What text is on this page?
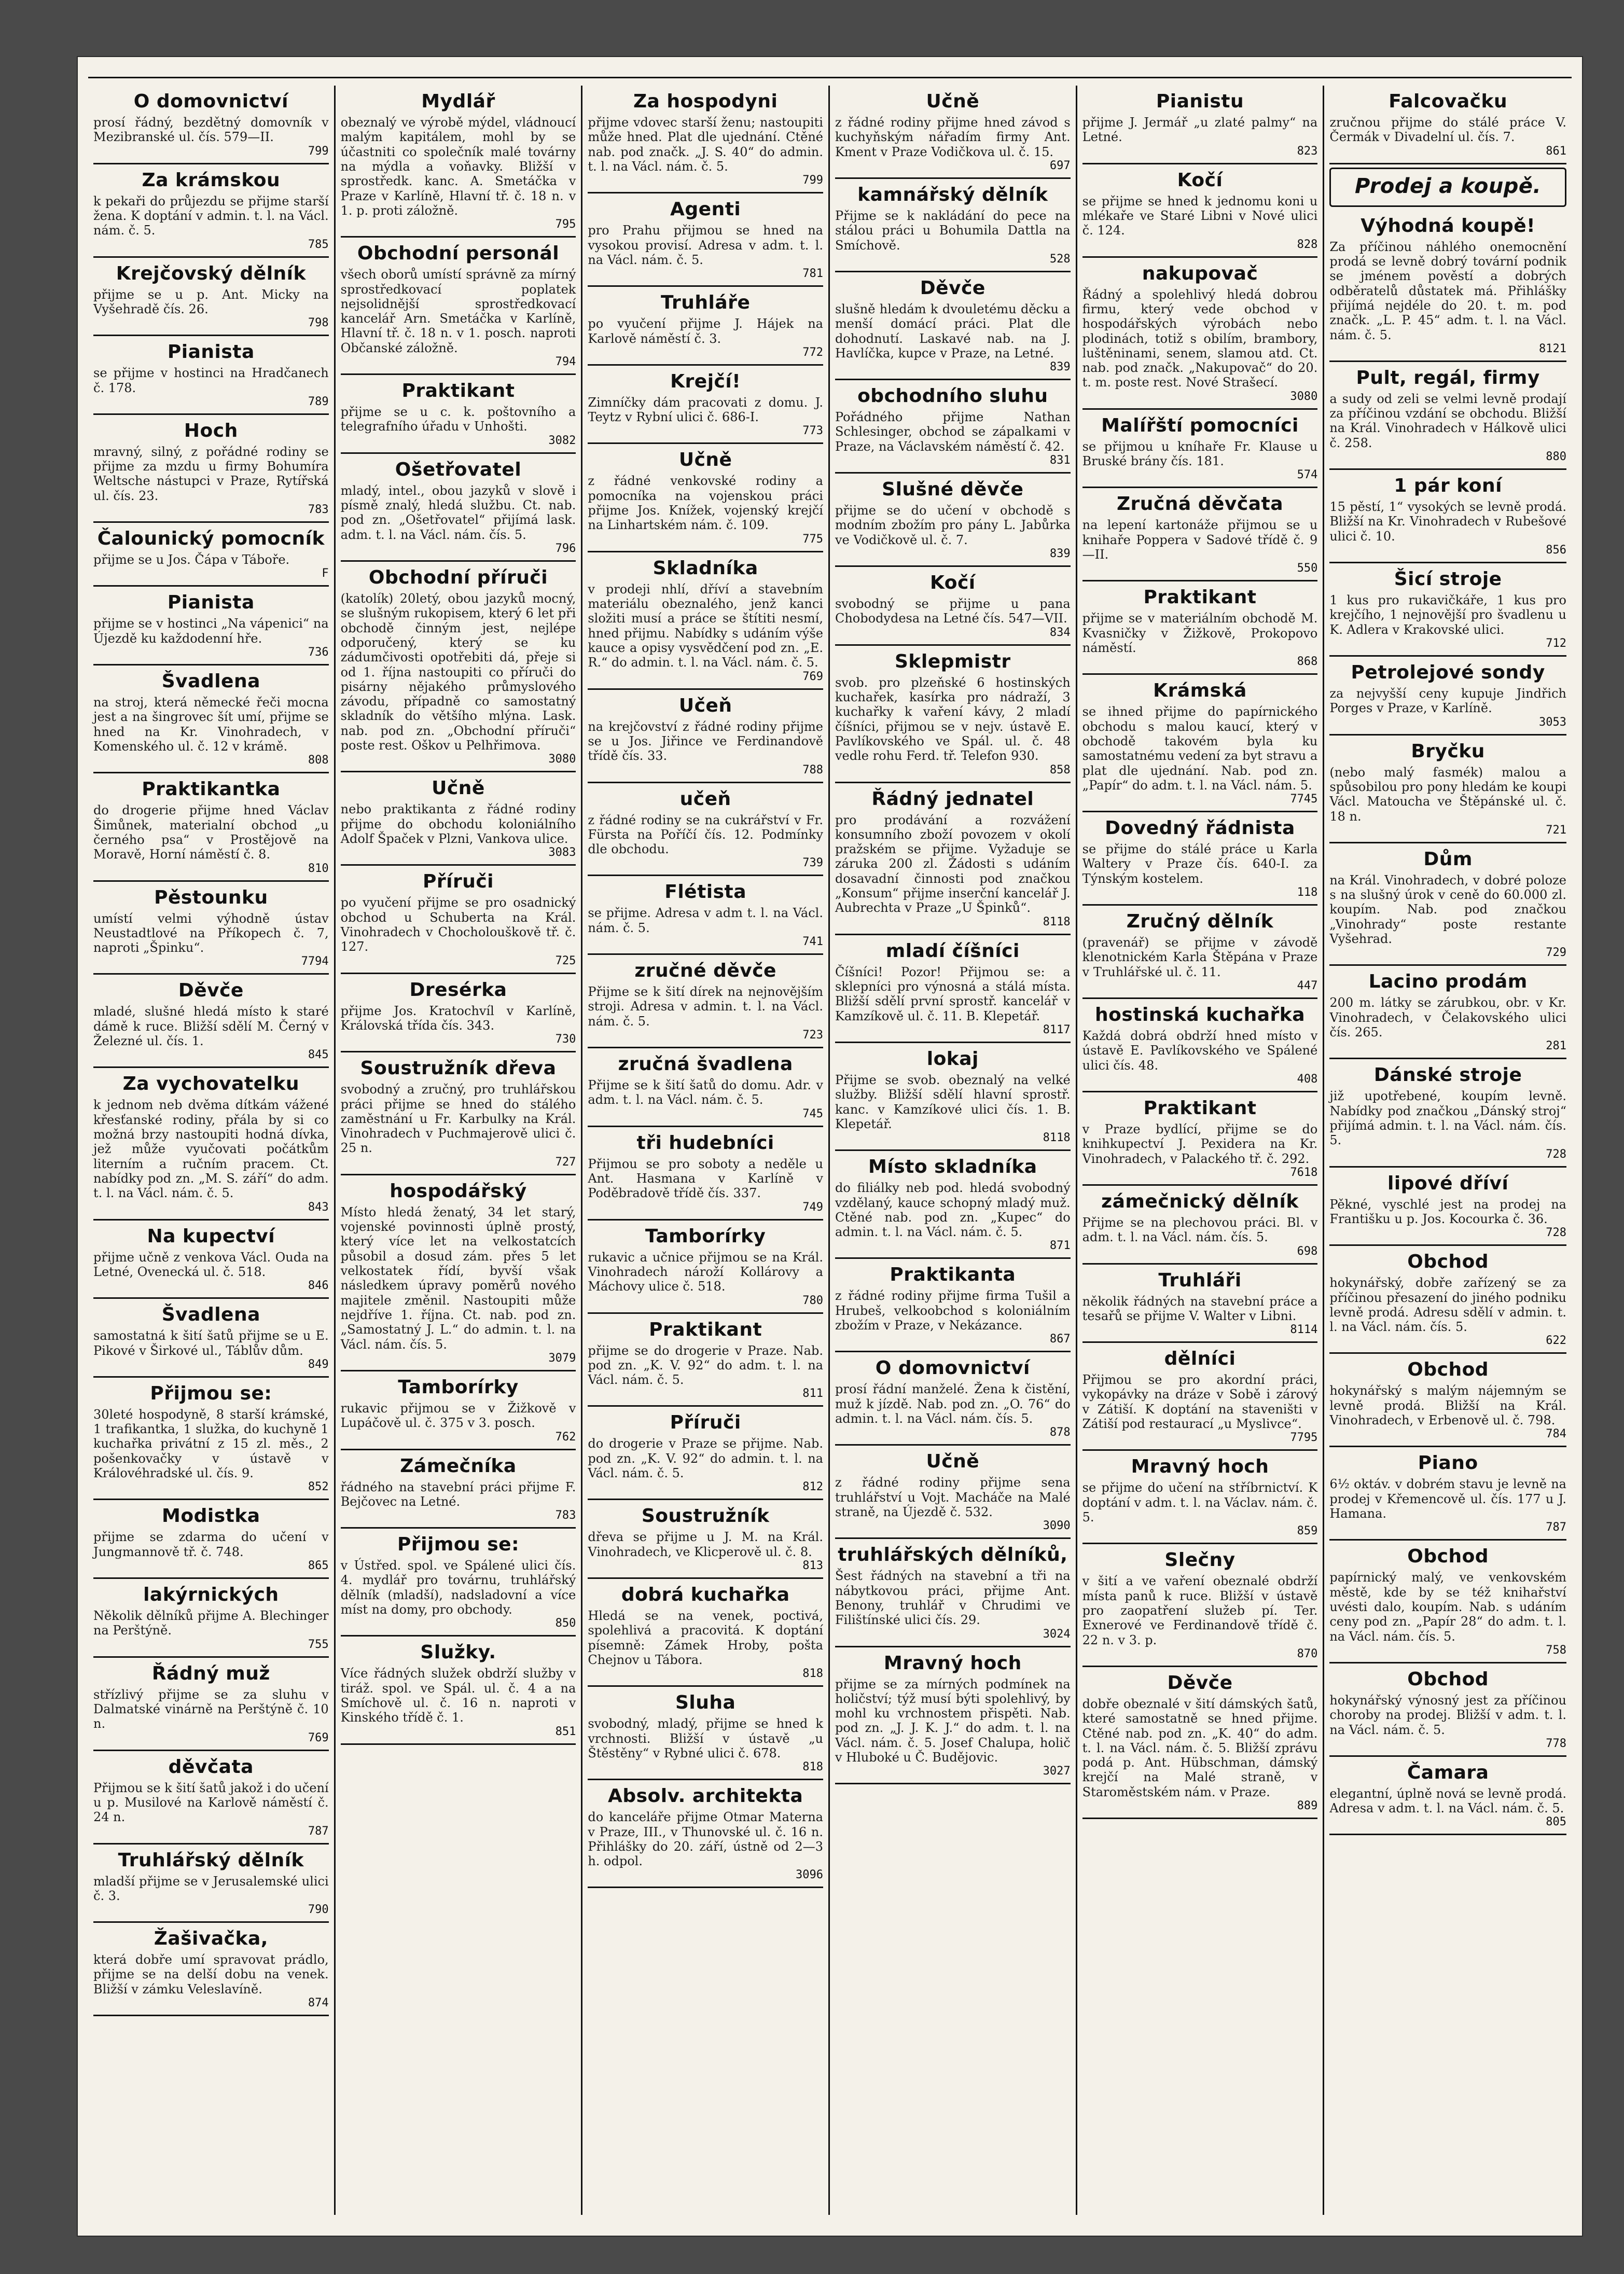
O domovnictví
prosí řádný, bezdětný domovník v Mezibranské ul. čís. 579—II.
799
Za krámskou
k pekaři do průjezdu se přijme starší žena. K doptání v admin. t. l. na Václ. nám. č. 5.
785
Krejčovský dělník
přijme se u p. Ant. Micky na Vyšehradě čís. 26.
798
Pianista
se přijme v hostinci na Hradčanech č. 178.
789
Hoch
mravný, silný, z pořádné rodiny se přijme za mzdu u firmy Bohumíra Weltsche nástupci v Praze, Rytířská ul. čís. 23.
783
Čalounický pomocník
přijme se u Jos. Čápa v Táboře.
F
Pianista
přijme se v hostinci „Na vápenici“ na Újezdě ku každodenní hře.
736
Švadlena
na stroj, která německé řeči mocna jest a na šingrovec šít umí, přijme se hned na Kr. Vinohradech, v Komenského ul. č. 12 v krámě.
808
Praktikantka
do drogerie přijme hned Václav Šimůnek, materialní obchod „u černého psa“ v Prostějově na Moravě, Horní náměstí č. 8.
810
Pěstounku
umístí velmi výhodně ústav Neustadtlové na Příkopech č. 7, naproti „Špinku“.
7794
Děvče
mladé, slušné hledá místo k staré dámě k ruce. Bližší sdělí M. Černý v Železné ul. čís. 1.
845
Za vychovatelku
k jednom neb dvěma dítkám vážené křesťanské rodiny, přála by si co možná brzy nastoupiti hodná dívka, jež může vyučovati počátkům literním a ručním pracem. Ct. nabídky pod zn. „M. S. září“ do adm. t. l. na Václ. nám. č. 5.
843
Na kupectví
přijme učně z venkova Václ. Ouda na Letné, Ovenecká ul. č. 518.
846
Švadlena
samostatná k šití šatů přijme se u E. Pikové v Širkové ul., Táblův dům.
849
Přijmou se:
30leté hospodyně, 8 starší krámské, 1 trafikantka, 1 služka, do kuchyně 1 kuchařka privátní z 15 zl. měs., 2 pošenkovačky v ústavě v Královéhradské ul. čís. 9.
852
Modistka
přijme se zdarma do učení v Jungmannově tř. č. 748.
865
lakýrnických
Několik dělníků přijme A. Blechinger na Perštýně.
755
Řádný muž
střízlivý přijme se za sluhu v Dalmatské vinárně na Perštýně č. 10 n.
769
děvčata
Přijmou se k šití šatů jakož i do učení u p. Musilové na Karlově náměstí č. 24 n.
787
Truhlářský dělník
mladší přijme se v Jerusalemské ulici č. 3.
790
Žašivačka,
která dobře umí spravovat prádlo, přijme se na delší dobu na venek. Bližší v zámku Veleslavíně.
874
Mydlář
obeznalý ve výrobě mýdel, vládnoucí malým kapitálem, mohl by se účastniti co společník malé továrny na mýdla a voňavky. Bližší v sprostředk. kanc. A. Smetáčka v Praze v Karlíně, Hlavní tř. č. 18 n. v 1. p. proti záložně.
795
Obchodní personál
všech oborů umístí správně za mírný sprostředkovací poplatek nejsolidnější sprostředkovací kancelář Arn. Smetáčka v Karlíně, Hlavní tř. č. 18 n. v 1. posch. naproti Občanské záložně.
794
Praktikant
přijme se u c. k. poštovního a telegrafního úřadu v Unhošti.
3082
Ošetřovatel
mladý, intel., obou jazyků v slově i písmě znalý, hledá službu. Ct. nab. pod zn. „Ošetřovatel“ přijímá lask. adm. t. l. na Václ. nám. čís. 5.
796
Obchodní příruči
(katolík) 20letý, obou jazyků mocný, se slušným rukopisem, který 6 let při obchodě činným jest, nejlépe odporučený, který se ku zádumčivosti opotřebiti dá, přeje si od 1. října nastoupiti co příruči do pisárny nějakého průmyslového závodu, případně co samostatný skladník do většího mlýna. Lask. nab. pod zn. „Obchodní příruči“ poste rest. Oškov u Pelhřimova.
3080
Učně
nebo praktikanta z řádné rodiny přijme do obchodu koloniálního Adolf Špaček v Plzni, Vankova ulice.
3083
Příruči
po vyučení přijme se pro osadnický obchod u Schuberta na Král. Vinohradech v Chocholouškově tř. č. 127.
725
Dresérka
přijme Jos. Kratochvíl v Karlíně, Královská třída čís. 343.
730
Soustružník dřeva
svobodný a zručný, pro truhlářskou práci přijme se hned do stálého zaměstnání u Fr. Karbulky na Král. Vinohradech v Puchmajerově ulici č. 25 n.
727
hospodářský
Místo hledá ženatý, 34 let starý, vojenské povinnosti úplně prostý, který více let na velkostatcích působil a dosud zám. přes 5 let velkostatek řídí, byvší však následkem úpravy poměrů nového majitele změnil. Nastoupiti může nejdříve 1. října. Ct. nab. pod zn. „Samostatný J. L.“ do admin. t. l. na Václ. nám. čís. 5.
3079
Tamborírky
rukavic přijmou se v Žižkově v Lupáčově ul. č. 375 v 3. posch.
762
Zámečníka
řádného na stavební práci přijme F. Bejčovec na Letné.
783
Přijmou se:
v Ústřed. spol. ve Spálené ulici čís. 4. mydlář pro továrnu, truhlářský dělník (mladší), nadsladovní a více míst na domy, pro obchody.
850
Služky.
Více řádných služek obdrží služby v tiráž. spol. ve Spál. ul. č. 4 a na Smíchově ul. č. 16 n. naproti v Kinského třídě č. 1.
851
Za hospodyni
přijme vdovec starší ženu; nastoupiti může hned. Plat dle ujednání. Ctěné nab. pod značk. „J. S. 40“ do admin. t. l. na Václ. nám. č. 5.
799
Agenti
pro Prahu přijmou se hned na vysokou provisí. Adresa v adm. t. l. na Václ. nám. č. 5.
781
Truhláře
po vyučení přijme J. Hájek na Karlově náměstí č. 3.
772
Krejčí!
Zimníčky dám pracovati z domu. J. Teytz v Rybní ulici č. 686-I.
773
Učně
z řádné venkovské rodiny a pomocníka na vojenskou práci přijme Jos. Knížek, vojenský krejčí na Linhartském nám. č. 109.
775
Skladníka
v prodeji nhlí, dříví a stavebním materiálu obeznalého, jenž kanci složiti musí a práce se štítiti nesmí, hned přijmu. Nabídky s udáním výše kauce a opisy vysvědčení pod zn. „E. R.“ do admin. t. l. na Václ. nám. č. 5.
769
Učeň
na krejčovství z řádné rodiny přijme se u Jos. Jiřince ve Ferdinandově třídě čís. 33.
788
učeň
z řádné rodiny se na cukrářství v Fr. Fürsta na Poříčí čís. 12. Podmínky dle obchodu.
739
Flétista
se přijme. Adresa v adm t. l. na Václ. nám. č. 5.
741
zručné děvče
Přijme se k šití dírek na nejnovějším stroji. Adresa v admin. t. l. na Václ. nám. č. 5.
723
zručná švadlena
Přijme se k šití šatů do domu. Adr. v adm. t. l. na Václ. nám. č. 5.
745
tři hudebníci
Přijmou se pro soboty a neděle u Ant. Hasmana v Karlíně v Poděbradově třídě čís. 337.
749
Tamborírky
rukavic a učnice přijmou se na Král. Vinohradech nároží Kollárovy a Máchovy ulice č. 518.
780
Praktikant
přijme se do drogerie v Praze. Nab. pod zn. „K. V. 92“ do adm. t. l. na Václ. nám. č. 5.
811
Příruči
do drogerie v Praze se přijme. Nab. pod zn. „K. V. 92“ do admin. t. l. na Václ. nám. č. 5.
812
Soustružník
dřeva se přijme u J. M. na Král. Vinohradech, ve Klicperově ul. č. 8.
813
dobrá kuchařka
Hledá se na venek, poctivá, spolehlivá a pracovitá. K doptání písemně: Zámek Hroby, pošta Chejnov u Tábora.
818
Sluha
svobodný, mladý, přijme se hned k vrchnosti. Bližší v ústavě „u Štěstěny“ v Rybné ulici č. 678.
818
Absolv. architekta
do kanceláře přijme Otmar Materna v Praze, III., v Thunovské ul. č. 16 n. Přihlášky do 20. září, ústně od 2—3 h. odpol.
3096
Učně
z řádné rodiny přijme hned závod s kuchyňským nářadím firmy Ant. Kment v Praze Vodičkova ul. č. 15.
697
kamnářský dělník
Přijme se k nakládání do pece na stálou práci u Bohumila Dattla na Smíchově.
528
Děvče
slušně hledám k dvouletému děcku a menší domácí práci. Plat dle dohodnutí. Laskavé nab. na J. Havlíčka, kupce v Praze, na Letné.
839
obchodního sluhu
Pořádného přijme Nathan Schlesinger, obchod se zápalkami v Praze, na Václavském náměstí č. 42.
831
Slušné děvče
přijme se do učení v obchodě s modním zbožím pro pány L. Jabůrka ve Vodičkově ul. č. 7.
839
Kočí
svobodný se přijme u pana Chobodydesa na Letné čís. 547—VII.
834
Sklepmistr
svob. pro plzeňské 6 hostinských kuchařek, kasírka pro nádraží, 3 kuchařky k vaření kávy, 2 mladí číšníci, přijmou se v nejv. ústavě E. Pavlíkovského ve Spál. ul. č. 48 vedle rohu Ferd. tř. Telefon 930.
858
Řádný jednatel
pro prodávání a rozvážení konsumního zboží povozem v okolí pražském se přijme. Vyžaduje se záruka 200 zl. Žádosti s udáním dosavadní činnosti pod značkou „Konsum“ přijme inserční kancelář J. Aubrechta v Praze „U Špinků“.
8118
mladí číšníci
Číšníci! Pozor! Přijmou se: a sklepníci pro výnosná a stálá místa. Bližší sdělí první sprostř. kancelář v Kamzíkově ul. č. 11. B. Klepetář.
8117
lokaj
Přijme se svob. obeznalý na velké služby. Bližší sdělí hlavní sprostř. kanc. v Kamzíkové ulici čís. 1. B. Klepetář.
8118
Místo skladníka
do filiálky neb pod. hledá svobodný vzdělaný, kauce schopný mladý muž. Ctěné nab. pod zn. „Kupec“ do admin. t. l. na Václ. nám. č. 5.
871
Praktikanta
z řádné rodiny přijme firma Tušil a Hrubeš, velkoobchod s koloniálním zbožím v Praze, v Nekázance.
867
O domovnictví
prosí řádní manželé. Žena k čistění, muž k jízdě. Nab. pod zn. „O. 76“ do admin. t. l. na Václ. nám. čís. 5.
878
Učně
z řádné rodiny přijme sena truhlářství u Vojt. Macháče na Malé straně, na Újezdě č. 532.
3090
truhlářských dělníků,
Šest řádných na stavební a tři na nábytkovou práci, přijme Ant. Benony, truhlář v Chrudimi ve Filištínské ulici čís. 29.
3024
Mravný hoch
přijme se za mírných podmínek na holičství; týž musí býti spolehlivý, by mohl ku vrchnostem přispěti. Nab. pod zn. „J. J. K. J.“ do adm. t. l. na Václ. nám. č. 5. Josef Chalupa, holič v Hluboké u Č. Budějovic.
3027
Pianistu
přijme J. Jermář „u zlaté palmy“ na Letné.
823
Kočí
se přijme se hned k jednomu koni u mlékaře ve Staré Libni v Nové ulici č. 124.
828
nakupovač
Řádný a spolehlivý hledá dobrou firmu, který vede obchod v hospodářských výrobách nebo plodinách, totiž s obilím, brambory, luštěninami, senem, slamou atd. Ct. nab. pod značk. „Nakupovač“ do 20. t. m. poste rest. Nové Strašecí.
3080
Malířští pomocníci
se přijmou u kníhaře Fr. Klause u Bruské brány čís. 181.
574
Zručná děvčata
na lepení kartonáže přijmou se u knihaře Poppera v Sadové třídě č. 9—II.
550
Praktikant
přijme se v materiálním obchodě M. Kvasničky v Žižkově, Prokopovo náměstí.
868
Krámská
se ihned přijme do papírnického obchodu s malou kaucí, který v obchodě takovém byla ku samostatnému vedení za byt stravu a plat dle ujednání. Nab. pod zn. „Papír“ do adm. t. l. na Václ. nám. 5.
7745
Dovedný řádnista
se přijme do stálé práce u Karla Waltery v Praze čís. 640-I. za Týnským kostelem.
118
Zručný dělník
(pravenář) se přijme v závodě klenotnickém Karla Štěpána v Praze v Truhlářské ul. č. 11.
447
hostinská kuchařka
Každá dobrá obdrží hned místo v ústavě E. Pavlíkovského ve Spálené ulici čís. 48.
408
Praktikant
v Praze bydlící, přijme se do knihkupectví J. Pexidera na Kr. Vinohradech, v Palackého tř. č. 292.
7618
zámečnický dělník
Přijme se na plechovou práci. Bl. v adm. t. l. na Václ. nám. čís. 5.
698
Truhláři
několik řádných na stavební práce a tesařů se přijme V. Walter v Libni.
8114
dělníci
Přijmou se pro akordní práci, vykopávky na dráze v Sobě i zárový v Zátiší. K doptání na staveništi v Zátiší pod restaurací „u Myslivce“.
7795
Mravný hoch
se přijme do učení na stříbrnictví. K doptání v adm. t. l. na Václav. nám. č. 5.
859
Slečny
v šití a ve vaření obeznalé obdrží místa panů k ruce. Bližší v ústavě pro zaopatření služeb pí. Ter. Exnerové ve Ferdinandově třídě č. 22 n. v 3. p.
870
Děvče
dobře obeznalé v šití dámských šatů, které samostatně se hned přijme. Ctěné nab. pod zn. „K. 40“ do adm. t. l. na Václ. nám. č. 5. Bližší zprávu podá p. Ant. Hübschman, dámský krejčí na Malé straně, v Staroměstském nám. v Praze.
889
Falcovačku
zručnou přijme do stálé práce V. Čermák v Divadelní ul. čís. 7.
861
Prodej a koupě.
Výhodná koupě!
Za příčinou náhlého onemocnění prodá se levně dobrý tovární podnik se jménem pověstí a dobrých odběratelů důstatek má. Přihlášky přijímá nejdéle do 20. t. m. pod značk. „L. P. 45“ adm. t. l. na Václ. nám. č. 5.
8121
Pult, regál, firmy
a sudy od zeli se velmi levně prodají za příčinou vzdání se obchodu. Bližší na Král. Vinohradech v Hálkově ulici č. 258.
880
1 pár koní
15 pěstí, 1“ vysokých se levně prodá. Bližší na Kr. Vinohradech v Rubešové ulici č. 10.
856
Šicí stroje
1 kus pro rukavičkáře, 1 kus pro krejčího, 1 nejnovější pro švadlenu u K. Adlera v Krakovské ulici.
712
Petrolejové sondy
za nejvyšší ceny kupuje Jindřich Porges v Praze, v Karlíně.
3053
Bryčku
(nebo malý fasmék) malou a spůsobilou pro pony hledám ke koupi Václ. Matoucha ve Štěpánské ul. č. 18 n.
721
Dům
na Král. Vinohradech, v dobré poloze s na slušný úrok v ceně do 60.000 zl. koupím. Nab. pod značkou „Vinohrady“ poste restante Vyšehrad.
729
Lacino prodám
200 m. látky se zárubkou, obr. v Kr. Vinohradech, v Čelakovského ulici čís. 265.
281
Dánské stroje
již upotřebené, koupím levně. Nabídky pod značkou „Dánský stroj“ přijímá admin. t. l. na Václ. nám. čís. 5.
728
lipové dříví
Pěkné, vyschlé jest na prodej na Františku u p. Jos. Kocourka č. 36.
728
Obchod
hokynářský, dobře zařízený se za příčinou přesazení do jiného podniku levně prodá. Adresu sdělí v admin. t. l. na Václ. nám. čís. 5.
622
Obchod
hokynářský s malým nájemným se levně prodá. Bližší na Král. Vinohradech, v Erbenově ul. č. 798.
784
Piano
6½ oktáv. v dobrém stavu je levně na prodej v Křemencově ul. čís. 177 u J. Hamana.
787
Obchod
papírnický malý, ve venkovském městě, kde by se též knihařství uvésti dalo, koupím. Nab. s udáním ceny pod zn. „Papír 28“ do adm. t. l. na Václ. nám. čís. 5.
758
Obchod
hokynářský výnosný jest za příčinou choroby na prodej. Bližší v adm. t. l. na Václ. nám. č. 5.
778
Čamara
elegantní, úplně nová se levně prodá. Adresa v adm. t. l. na Václ. nám. č. 5.
805
